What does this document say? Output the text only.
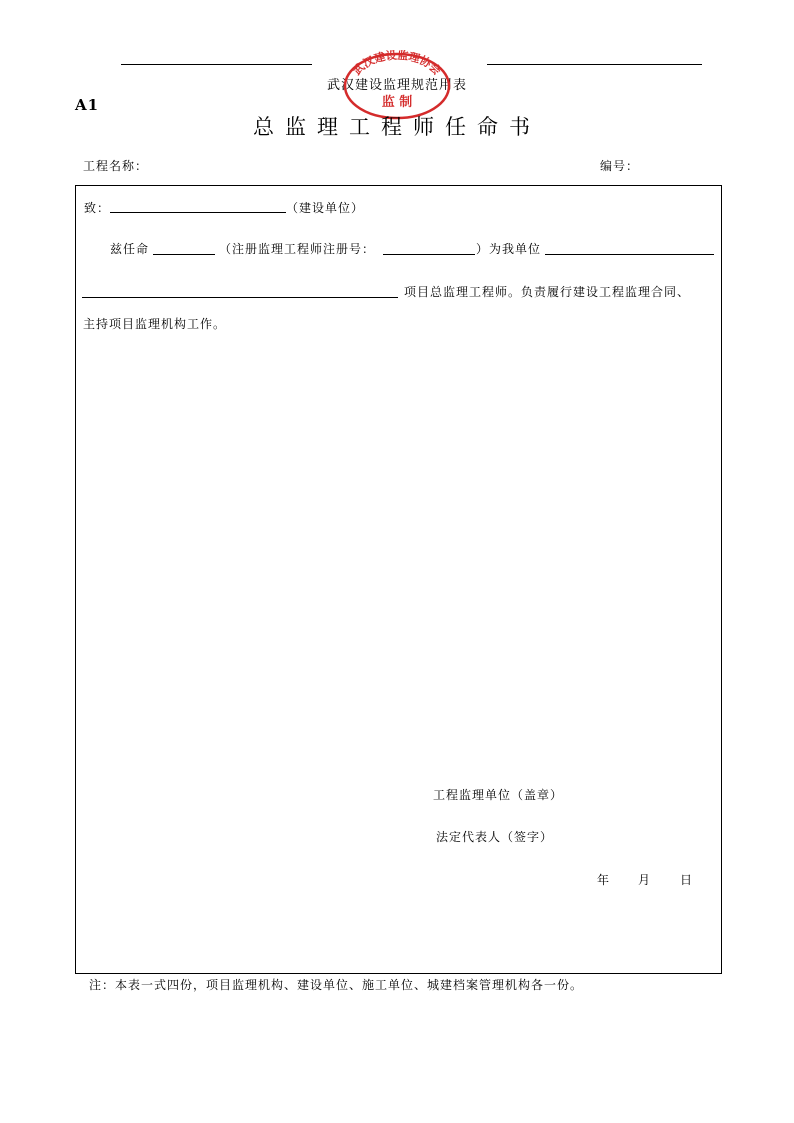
武汉建设监理规范用表
武汉建设监理协会
监 制
A1
总监理工程师任命书
工程名称：	编号：
致：	（建设单位）
兹任命	（注册监理工程师注册号：	）为我单位
项目总监理工程师。负责履行建设工程监理合同、
主持项目监理机构工作。
工程监理单位（盖章）
法定代表人（签字）
年 月 日
注：本表一式四份，项目监理机构、建设单位、施工单位、城建档案管理机构各一份。
